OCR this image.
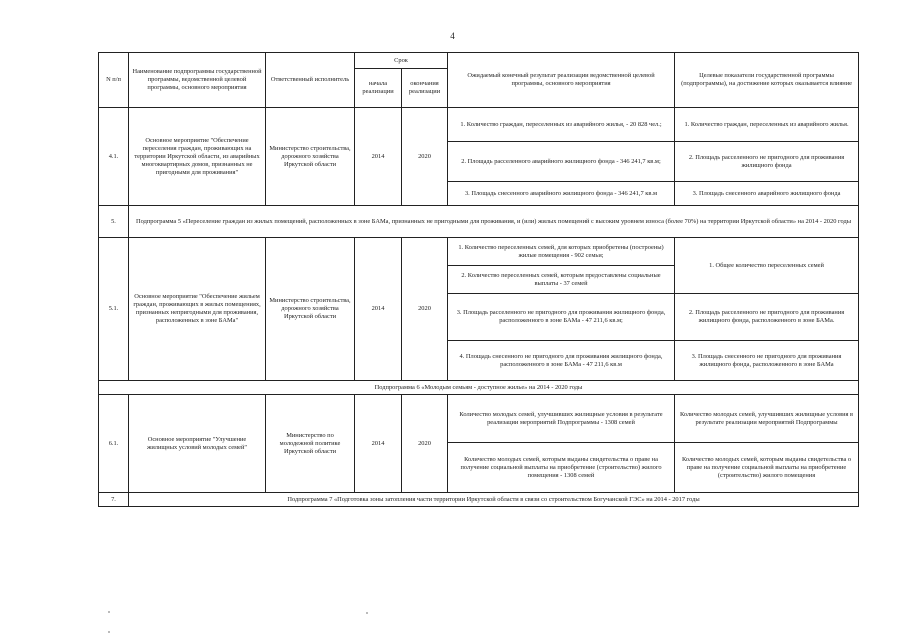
4
N п/п	Наименование подпрограммы государственной программы, ведомственной целевой программы, основного мероприятия	Ответственный исполнитель	Срок		Ожидаемый конечный результат реализации ведомственной целевой программы, основного мероприятия	Целевые показатели государственной программы (подпрограммы), на достижение которых оказывается влияние
			начала реализации	окончания реализации		
4.1.	Основное мероприятие "Обеспечение переселения граждан, проживающих на территории Иркутской области, из аварийных многоквартирных домов, признанных не пригодными для проживания"	Министерство строительства, дорожного хозяйства Иркутской области	2014	2020	1. Количество граждан, переселенных из аварийного жилья, - 20 828 чел.;	1. Количество граждан, переселенных из аварийного жилья.
					2. Площадь расселенного аварийного жилищного фонда - 346 241,7 кв.м;	2. Площадь расселенного не пригодного для проживания жилищного фонда
					3. Площадь снесенного аварийного жилищного фонда - 346 241,7 кв.м	3. Площадь снесенного аварийного жилищного фонда
5.	Подпрограмма 5 «Переселение граждан из жилых помещений, расположенных в зоне БАМа, признанных не пригодными для проживания, и (или) жилых помещений с высоким уровнем износа (более 70%) на территории Иркутской области» на 2014 - 2020 годы					
5.1.	Основное мероприятие "Обеспечение жильем граждан, проживающих в жилых помещениях, признанных непригодными для проживания, расположенных в зоне БАМа"	Министерство строительства, дорожного хозяйства Иркутской области	2014	2020	1. Количество переселенных семей, для которых приобретены (построены) жилые помещения - 902 семьи;	1. Общее количество переселенных семей
					2. Количество переселенных семей, которым предоставлены социальные выплаты - 37 семей	
					3. Площадь расселенного не пригодного для проживания жилищного фонда, расположенного в зоне БАМа - 47 211,6 кв.м;	2. Площадь расселенного не пригодного для проживания жилищного фонда, расположенного в зоне БАМа.
					4. Площадь снесенного не пригодного для проживания жилищного фонда, расположенного в зоне БАМа - 47 211,6 кв.м	3. Площадь снесенного не пригодного для проживания жилищного фонда, расположенного в зоне БАМа
Подпрограмма 6 «Молодым семьям - доступное жилье» на 2014 - 2020 годы						
6.1.	Основное мероприятие "Улучшение жилищных условий молодых семей"	Министерство по молодежной политике Иркутской области	2014	2020	Количество молодых семей, улучшивших жилищные условия в результате реализации мероприятий Подпрограммы - 1308 семей	Количество молодых семей, улучшивших жилищные условия в результате реализации мероприятий Подпрограммы
					Количество молодых семей, которым выданы свидетельства о праве на получение социальной выплаты на приобретение (строительство) жилого помещения - 1308 семей	Количество молодых семей, которым выданы свидетельства о праве на получение социальной выплаты на приобретение (строительство) жилого помещения
7.	Подпрограмма 7 «Подготовка зоны затопления части территории Иркутской области в связи со строительством Богучанской ГЭС» на 2014 - 2017 годы					
